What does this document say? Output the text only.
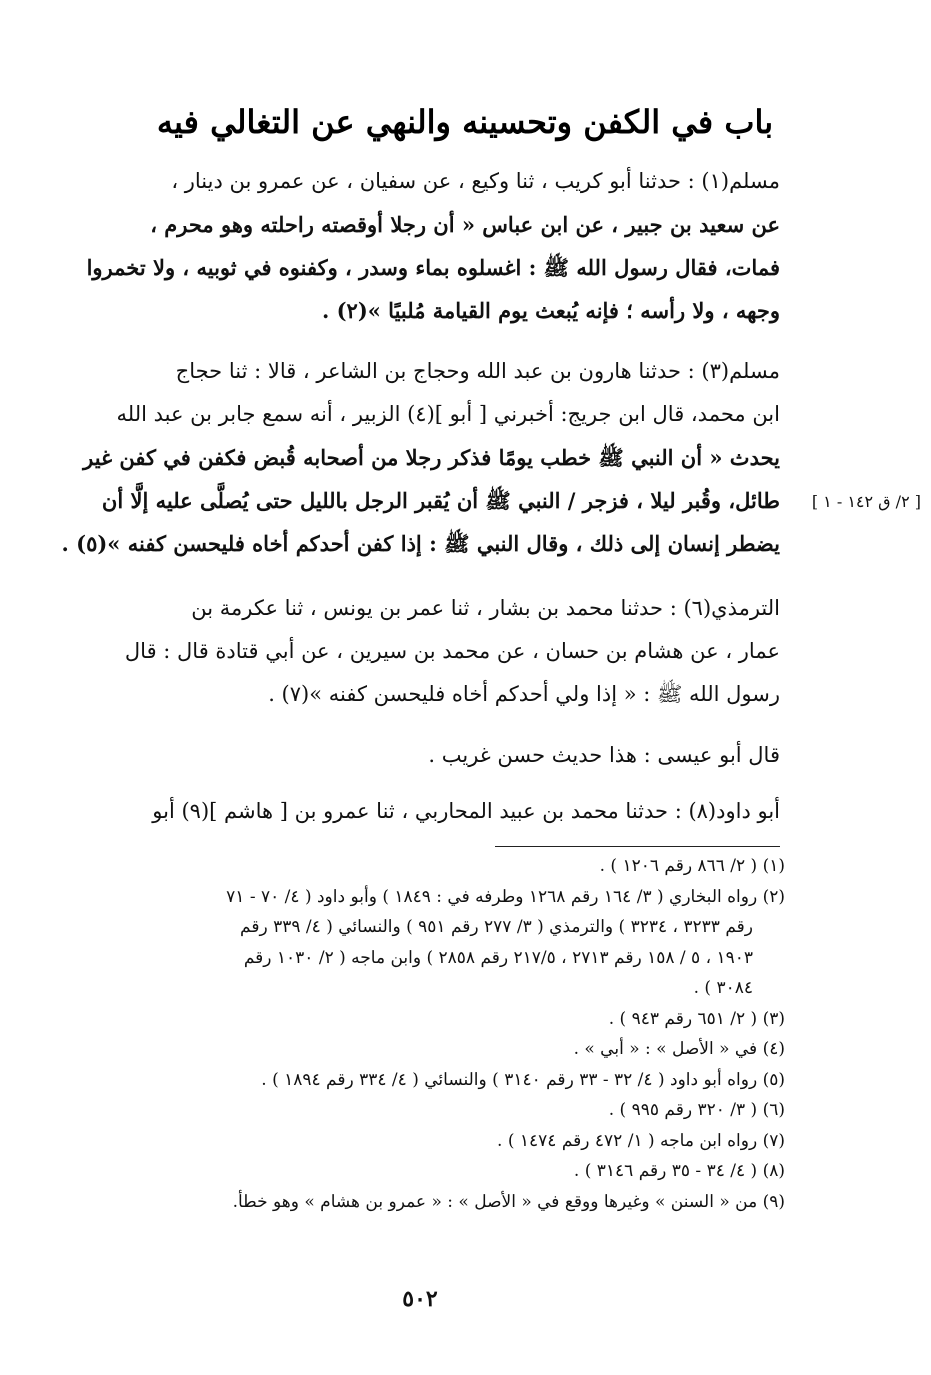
باب في الكفن وتحسينه والنهي عن التغالي فيه
مسلم(١) : حدثنا أبو كريب ، ثنا وكيع ، عن سفيان ، عن عمرو بن دينار ،
عن سعيد بن جبير ، عن ابن عباس « أن رجلا أوقصته راحلته وهو محرم ،
فمات، فقال رسول الله ﷺ : اغسلوه بماء وسدر ، وكفنوه في ثوبيه ، ولا تخمروا
وجهه ، ولا رأسه ؛ فإنه يُبعث يوم القيامة مُلبيًا »(٢) .
مسلم(٣) : حدثنا هارون بن عبد الله وحجاج بن الشاعر ، قالا : ثنا حجاج
ابن محمد، قال ابن جريج: أخبرني [ أبو ](٤) الزبير ، أنه سمع جابر بن عبد الله
يحدث « أن النبي ﷺ خطب يومًا فذكر رجلا من أصحابه قُبض فكفن في كفن غير
طائل، وقُبر ليلا ، فزجر / النبي ﷺ أن يُقبر الرجل بالليل حتى يُصلَّى عليه إلَّا أن
يضطر إنسان إلى ذلك ، وقال النبي ﷺ : إذا كفن أحدكم أخاه فليحسن كفنه »(٥) .
[ ٢/ ق ١٤٢ - ١ ]
الترمذي(٦) : حدثنا محمد بن بشار ، ثنا عمر بن يونس ، ثنا عكرمة بن
عمار ، عن هشام بن حسان ، عن محمد بن سيرين ، عن أبي قتادة قال : قال
رسول الله ﷺ : « إذا ولي أحدكم أخاه فليحسن كفنه »(٧) .
قال أبو عيسى : هذا حديث حسن غريب .
أبو داود(٨) : حدثنا محمد بن عبيد المحاربي ، ثنا عمرو بن [ هاشم ](٩) أبو
(١) ( ٢/ ٨٦٦ رقم ١٢٠٦ ) .
(٢) رواه البخاري ( ٣/ ١٦٤ رقم ١٢٦٨ وطرفه في : ١٨٤٩ ) وأبو داود ( ٤/ ٧٠ - ٧١
رقم ٣٢٣٣ ، ٣٢٣٤ ) والترمذي ( ٣/ ٢٧٧ رقم ٩٥١ ) والنسائي ( ٤/ ٣٣٩ رقم
١٩٠٣ ، ٥ / ١٥٨ رقم ٢٧١٣ ، ٢١٧/٥ رقم ٢٨٥٨ ) وابن ماجه ( ٢/ ١٠٣٠ رقم
٣٠٨٤ ) .
(٣) ( ٢/ ٦٥١ رقم ٩٤٣ ) .
(٤) في « الأصل » : « أبي » .
(٥) رواه أبو داود ( ٤/ ٣٢ - ٣٣ رقم ٣١٤٠ ) والنسائي ( ٤/ ٣٣٤ رقم ١٨٩٤ ) .
(٦) ( ٣/ ٣٢٠ رقم ٩٩٥ ) .
(٧) رواه ابن ماجه ( ١/ ٤٧٢ رقم ١٤٧٤ ) .
(٨) ( ٤/ ٣٤ - ٣٥ رقم ٣١٤٦ ) .
(٩) من « السنن » وغيرها ووقع في « الأصل » : « عمرو بن هشام » وهو خطأ.
٥٠٢
